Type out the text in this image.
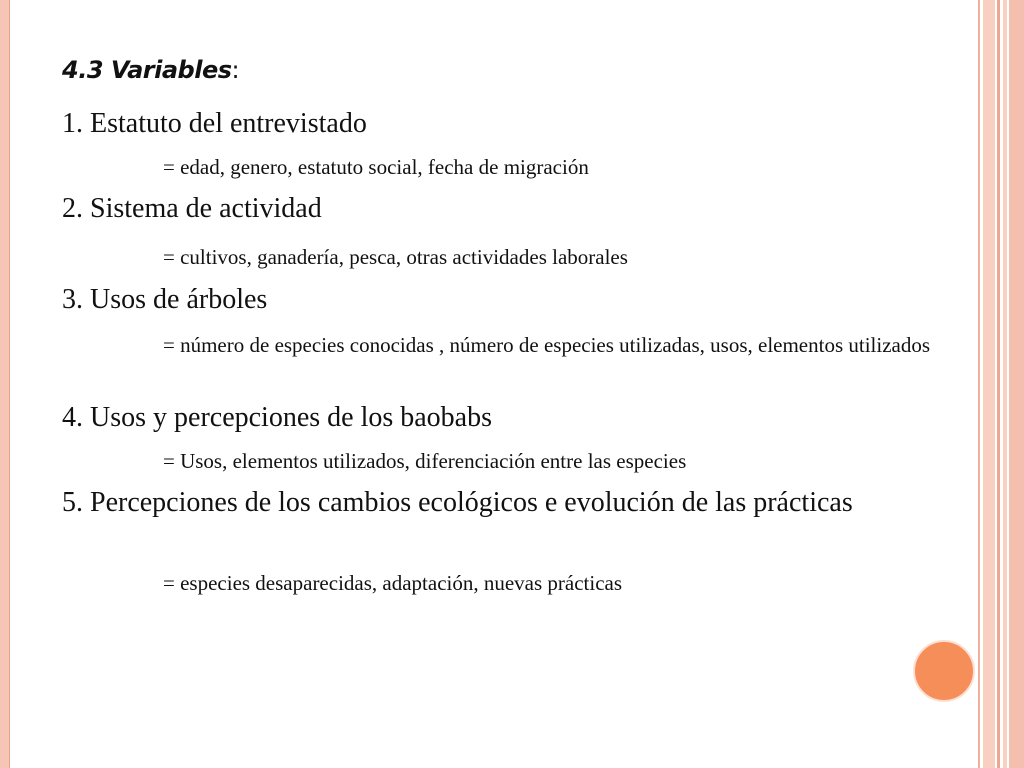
4.3 Variables:

1. Estatuto del entrevistado

= edad, genero, estatuto social, fecha de migración

2. Sistema de actividad

= cultivos, ganadería, pesca, otras actividades laborales

3. Usos de árboles

= número de especies conocidas , número de especies utilizadas, usos, elementos utilizados

4. Usos y percepciones de los baobabs

= Usos, elementos utilizados, diferenciación entre las especies

5. Percepciones de los cambios ecológicos e evolución de las prácticas

= especies desaparecidas, adaptación, nuevas prácticas
